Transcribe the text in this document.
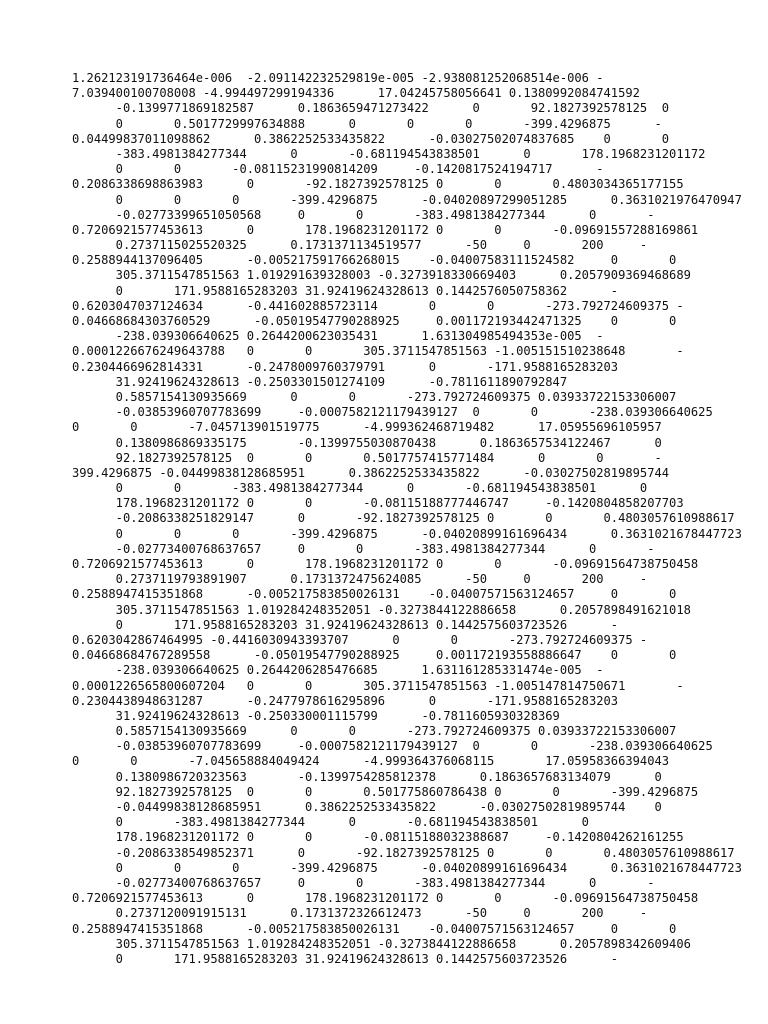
1.262123191736464e-006  -2.091142232529819e-005 -2.938081252068514e-006 -
7.039400100708008 -4.994497299194336      17.04245758056641 0.1380992084741592
-0.1399771869182587      0.1863659471273422      0       92.1827392578125  0
0       0.5017729997634888      0       0       0       -399.4296875      -
0.04499837011098862      0.3862252533435822      -0.03027502074837685    0       0
-383.4981384277344      0       -0.681194543838501      0       178.1968231201172
0       0       -0.08115231990814209     -0.1420817524194717      -
0.2086338698863983      0       -92.1827392578125 0       0       0.4803034365177155
0       0       0       -399.4296875      -0.04020897299051285      0.3631021976470947
-0.02773399651050568     0       0       -383.4981384277344      0       -
0.7206921577453613      0       178.1968231201172 0       0       -0.09691557288169861
0.2737115025520325      0.1731371134519577      -50     0       200     -
0.2588944137096405      -0.005217591766268015    -0.04007583111524582     0       0
305.3711547851563 1.019291639328003 -0.3273918330669403      0.2057909369468689
0       171.9588165283203 31.92419624328613 0.1442576050758362      -
0.6203047037124634      -0.441602885723114       0       0       -273.792724609375 -
0.04668684303760529      -0.05019547790288925     0.001172193442471325    0       0
-238.039306640625 0.2644200623035431      1.631304985494353e-005  -
0.0001226676249643788   0       0       305.3711547851563 -1.005151510238648       -
0.2304466962814331      -0.2478009760379791      0       -171.9588165283203
31.92419624328613 -0.2503301501274109      -0.7811611890792847
0.5857154130935669      0       0       -273.792724609375 0.03933722153306007
-0.03853960707783699     -0.0007582121179439127  0       0       -238.039306640625
0       0       -7.045713901519775      -4.999362468719482      17.05955696105957
0.1380986869335175       -0.1399755030870438      0.1863657534122467      0
92.1827392578125  0       0       0.5017757415771484      0       0       -
399.4296875 -0.04499838128685951      0.3862252533435822      -0.03027502819895744
0       0       -383.4981384277344      0       -0.681194543838501      0
178.1968231201172 0       0       -0.08115188777446747     -0.1420804858207703
-0.2086338251829147      0       -92.1827392578125 0       0       0.4803057610988617
0       0       0       -399.4296875      -0.04020899161696434      0.3631021678447723
-0.02773400768637657     0       0       -383.4981384277344      0       -
0.7206921577453613      0       178.1968231201172 0       0       -0.09691564738750458
0.2737119793891907      0.1731372475624085      -50     0       200     -
0.2588947415351868      -0.005217583850026131    -0.04007571563124657     0       0
305.3711547851563 1.019284248352051 -0.3273844122886658      0.2057898491621018
0       171.9588165283203 31.92419624328613 0.1442575603723526      -
0.6203042867464995 -0.4416030943393707      0       0       -273.792724609375 -
0.04668684767289558      -0.05019547790288925     0.001172193558886647    0       0
-238.039306640625 0.2644206285476685      1.631161285331474e-005  -
0.0001226565800607204   0       0       305.3711547851563 -1.005147814750671       -
0.2304438948631287      -0.2477978616295896      0       -171.9588165283203
31.92419624328613 -0.250330001115799      -0.7811605930328369
0.5857154130935669      0       0       -273.792724609375 0.03933722153306007
-0.03853960707783699     -0.0007582121179439127  0       0       -238.039306640625
0       0       -7.045658884049424      -4.999364376068115       17.05958366394043
0.1380986720323563       -0.1399754285812378      0.1863657683134079      0
92.1827392578125  0       0       0.501775860786438 0       0       -399.4296875
-0.04499838128685951      0.3862252533435822      -0.03027502819895744    0
0       -383.4981384277344      0       -0.681194543838501      0
178.1968231201172 0       0       -0.08115188032388687     -0.1420804262161255
-0.2086338549852371      0       -92.1827392578125 0       0       0.4803057610988617
0       0       0       -399.4296875      -0.04020899161696434      0.3631021678447723
-0.02773400768637657     0       0       -383.4981384277344      0       -
0.7206921577453613      0       178.1968231201172 0       0       -0.09691564738750458
0.2737120091915131      0.1731372326612473      -50     0       200     -
0.2588947415351868      -0.005217583850026131    -0.04007571563124657     0       0
305.3711547851563 1.019284248352051 -0.3273844122886658      0.2057898342609406
0       171.9588165283203 31.92419624328613 0.1442575603723526      -
